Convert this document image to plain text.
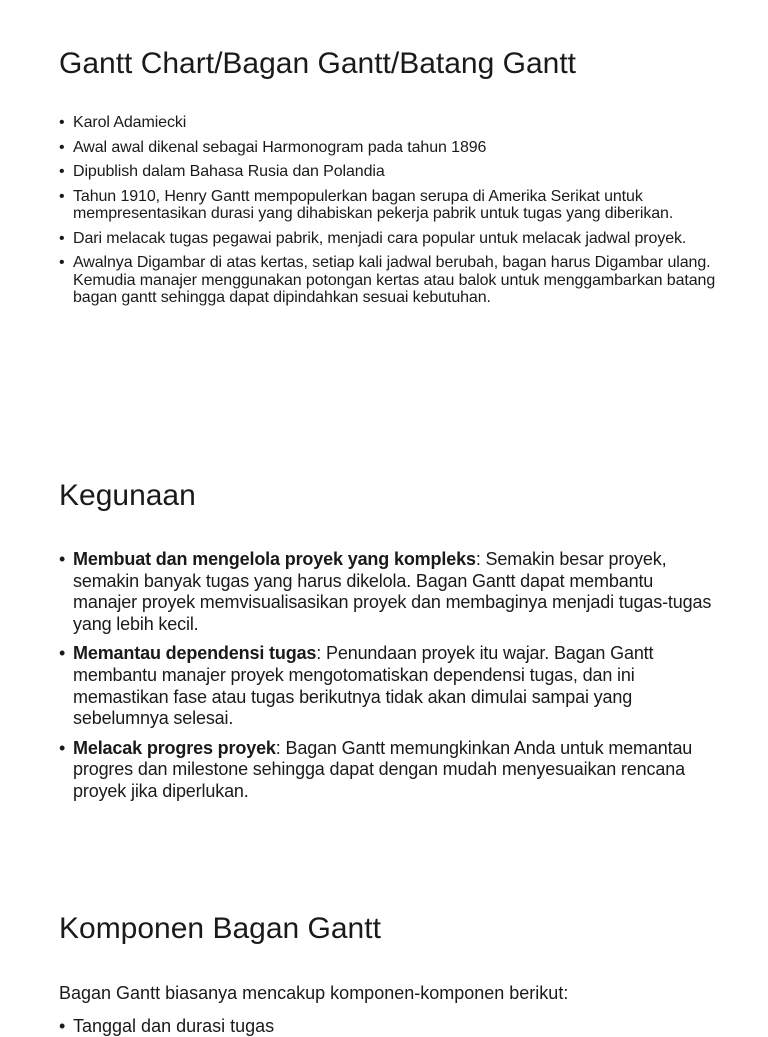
Gantt Chart/Bagan Gantt/Batang Gantt
• Karol Adamiecki
• Awal awal dikenal sebagai Harmonogram pada tahun 1896
• Dipublish dalam Bahasa Rusia dan Polandia
• Tahun 1910, Henry Gantt mempopulerkan bagan serupa di Amerika Serikat untuk mempresentasikan durasi yang dihabiskan pekerja pabrik untuk tugas yang diberikan.
• Dari melacak tugas pegawai pabrik, menjadi cara popular untuk melacak jadwal proyek.
• Awalnya Digambar di atas kertas, setiap kali jadwal berubah, bagan harus Digambar ulang. Kemudia manajer menggunakan potongan kertas atau balok untuk menggambarkan batang bagan gantt sehingga dapat dipindahkan sesuai kebutuhan.
Kegunaan
• Membuat dan mengelola proyek yang kompleks: Semakin besar proyek, semakin banyak tugas yang harus dikelola. Bagan Gantt dapat membantu manajer proyek memvisualisasikan proyek dan membaginya menjadi tugas-tugas yang lebih kecil.
• Memantau dependensi tugas: Penundaan proyek itu wajar. Bagan Gantt membantu manajer proyek mengotomatiskan dependensi tugas, dan ini memastikan fase atau tugas berikutnya tidak akan dimulai sampai yang sebelumnya selesai.
• Melacak progres proyek: Bagan Gantt memungkinkan Anda untuk memantau progres dan milestone sehingga dapat dengan mudah menyesuaikan rencana proyek jika diperlukan.
Komponen Bagan Gantt

Bagan Gantt biasanya mencakup komponen-komponen berikut:

• Tanggal dan durasi tugas
